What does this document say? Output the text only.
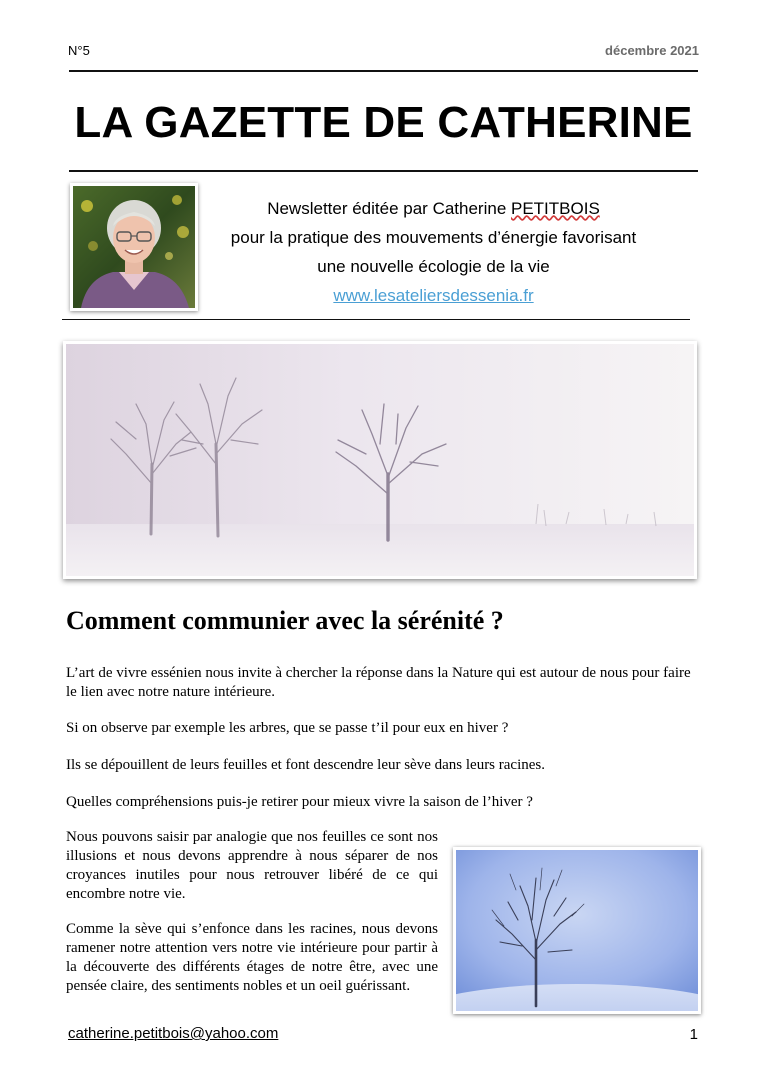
N°5	décembre 2021
LA GAZETTE DE CATHERINE
Newsletter éditée par Catherine PETITBOIS
pour la pratique des mouvements d’énergie favorisant
une nouvelle écologie de la vie
www.lesateliersdessenia.fr
Comment communier avec la sérénité ?
L’art de vivre essénien nous invite à chercher la réponse dans la Nature qui est autour de nous pour faire le lien avec notre nature intérieure.
Si on observe par exemple les arbres, que se passe t’il pour eux en hiver ?
Ils se dépouillent de leurs feuilles et font descendre leur sève dans leurs racines.
Quelles compréhensions puis-je retirer pour mieux vivre la saison de l’hiver ?
Nous pouvons saisir par analogie que nos feuilles ce sont nos illusions et nous devons apprendre à nous séparer de nos croyances inutiles pour nous retrouver libéré de ce qui encombre notre vie.
Comme la sève qui s’enfonce dans les racines, nous devons ramener notre attention vers notre vie intérieure pour partir à la découverte des différents étages de notre être, avec une pensée claire, des sentiments nobles et un oeil guérissant.
catherine.petitbois@yahoo.com	1
